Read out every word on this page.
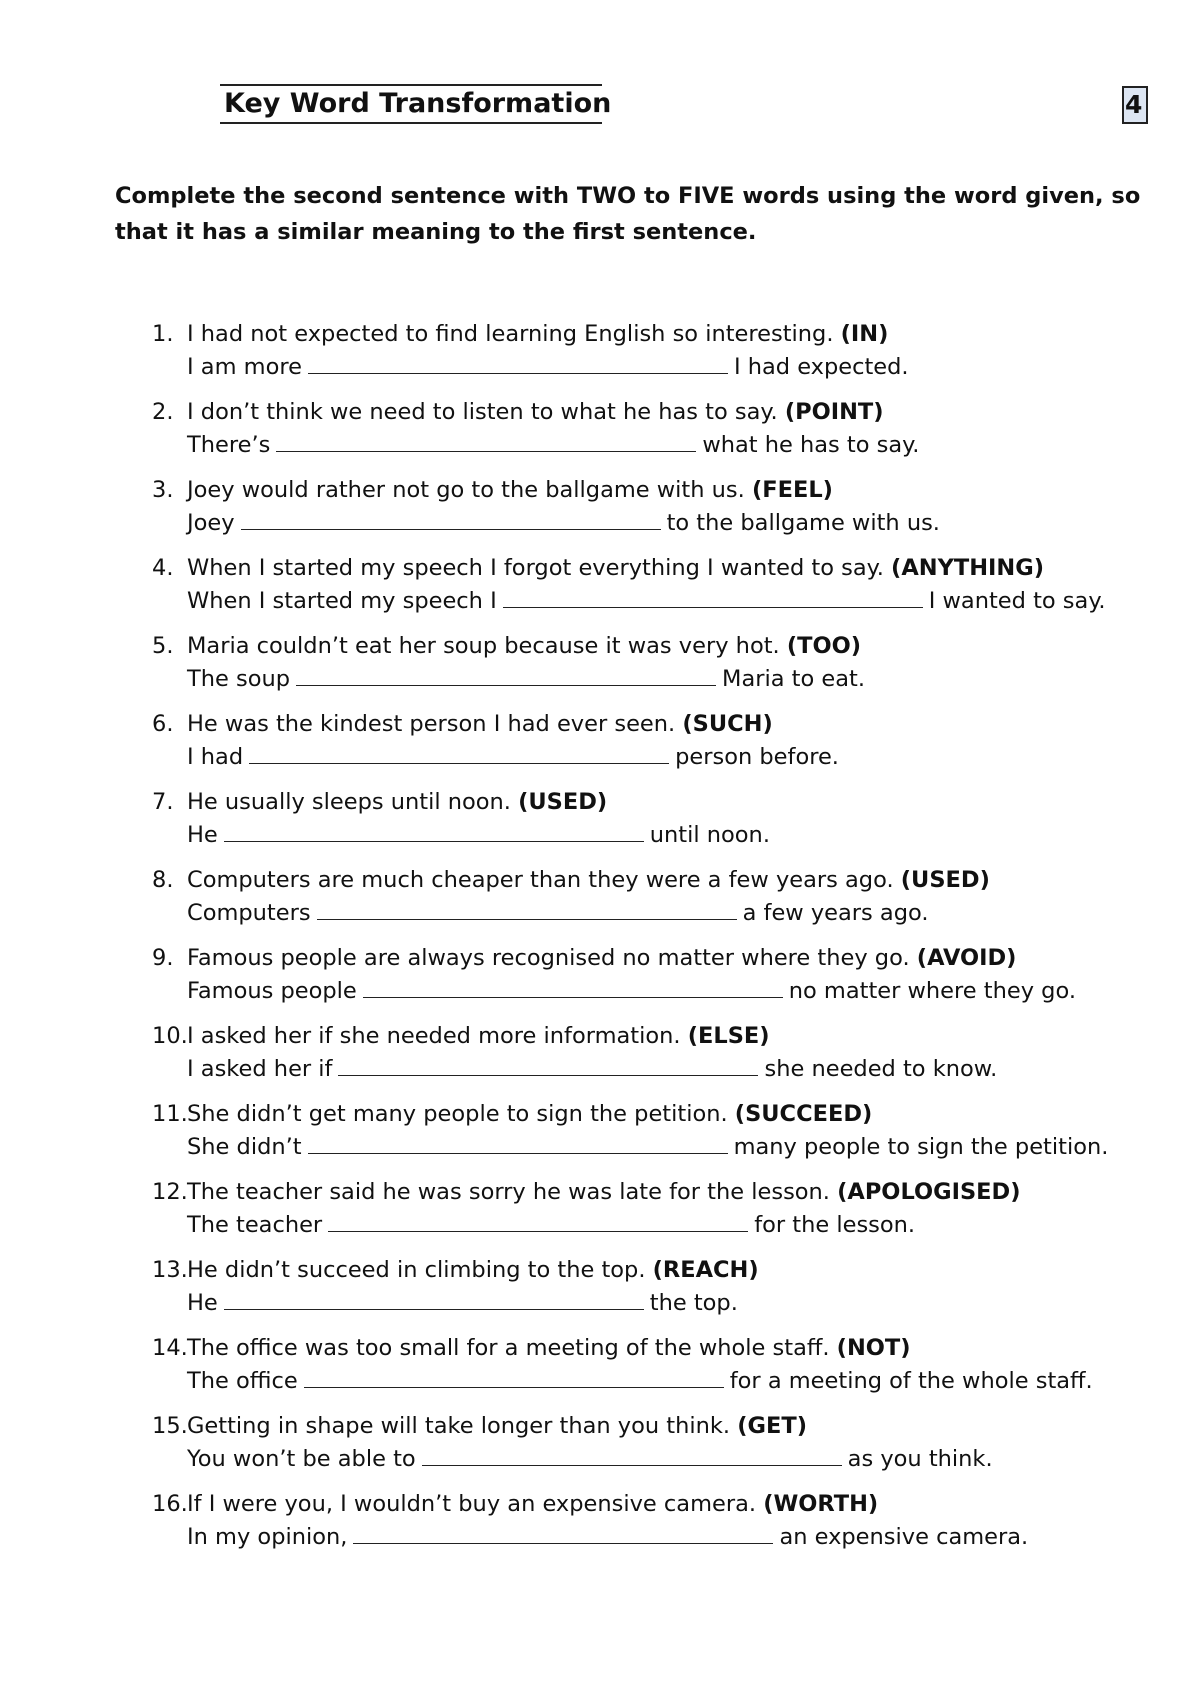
Key Word Transformation	4
Complete the second sentence with TWO to FIVE words using the word given, so that it has a similar meaning to the first sentence.
1. I had not expected to find learning English so interesting. (IN)
I am more	I had expected.
2. I don’t think we need to listen to what he has to say. (POINT)
There’s	what he has to say.
3. Joey would rather not go to the ballgame with us. (FEEL)
Joey	to the ballgame with us.
4. When I started my speech I forgot everything I wanted to say. (ANYTHING)
When I started my speech I	I wanted to say.
5. Maria couldn’t eat her soup because it was very hot. (TOO)
The soup	Maria to eat.
6. He was the kindest person I had ever seen. (SUCH)
I had	person before.
7. He usually sleeps until noon. (USED)
He	until noon.
8. Computers are much cheaper than they were a few years ago. (USED)
Computers	a few years ago.
9. Famous people are always recognised no matter where they go. (AVOID)
Famous people	no matter where they go.
10. I asked her if she needed more information. (ELSE)
I asked her if	she needed to know.
11. She didn’t get many people to sign the petition. (SUCCEED)
She didn’t	many people to sign the petition.
12. The teacher said he was sorry he was late for the lesson. (APOLOGISED)
The teacher	for the lesson.
13. He didn’t succeed in climbing to the top. (REACH)
He	the top.
14. The office was too small for a meeting of the whole staff. (NOT)
The office	for a meeting of the whole staff.
15. Getting in shape will take longer than you think. (GET)
You won’t be able to	as you think.
16. If I were you, I wouldn’t buy an expensive camera. (WORTH)
In my opinion,	an expensive camera.
